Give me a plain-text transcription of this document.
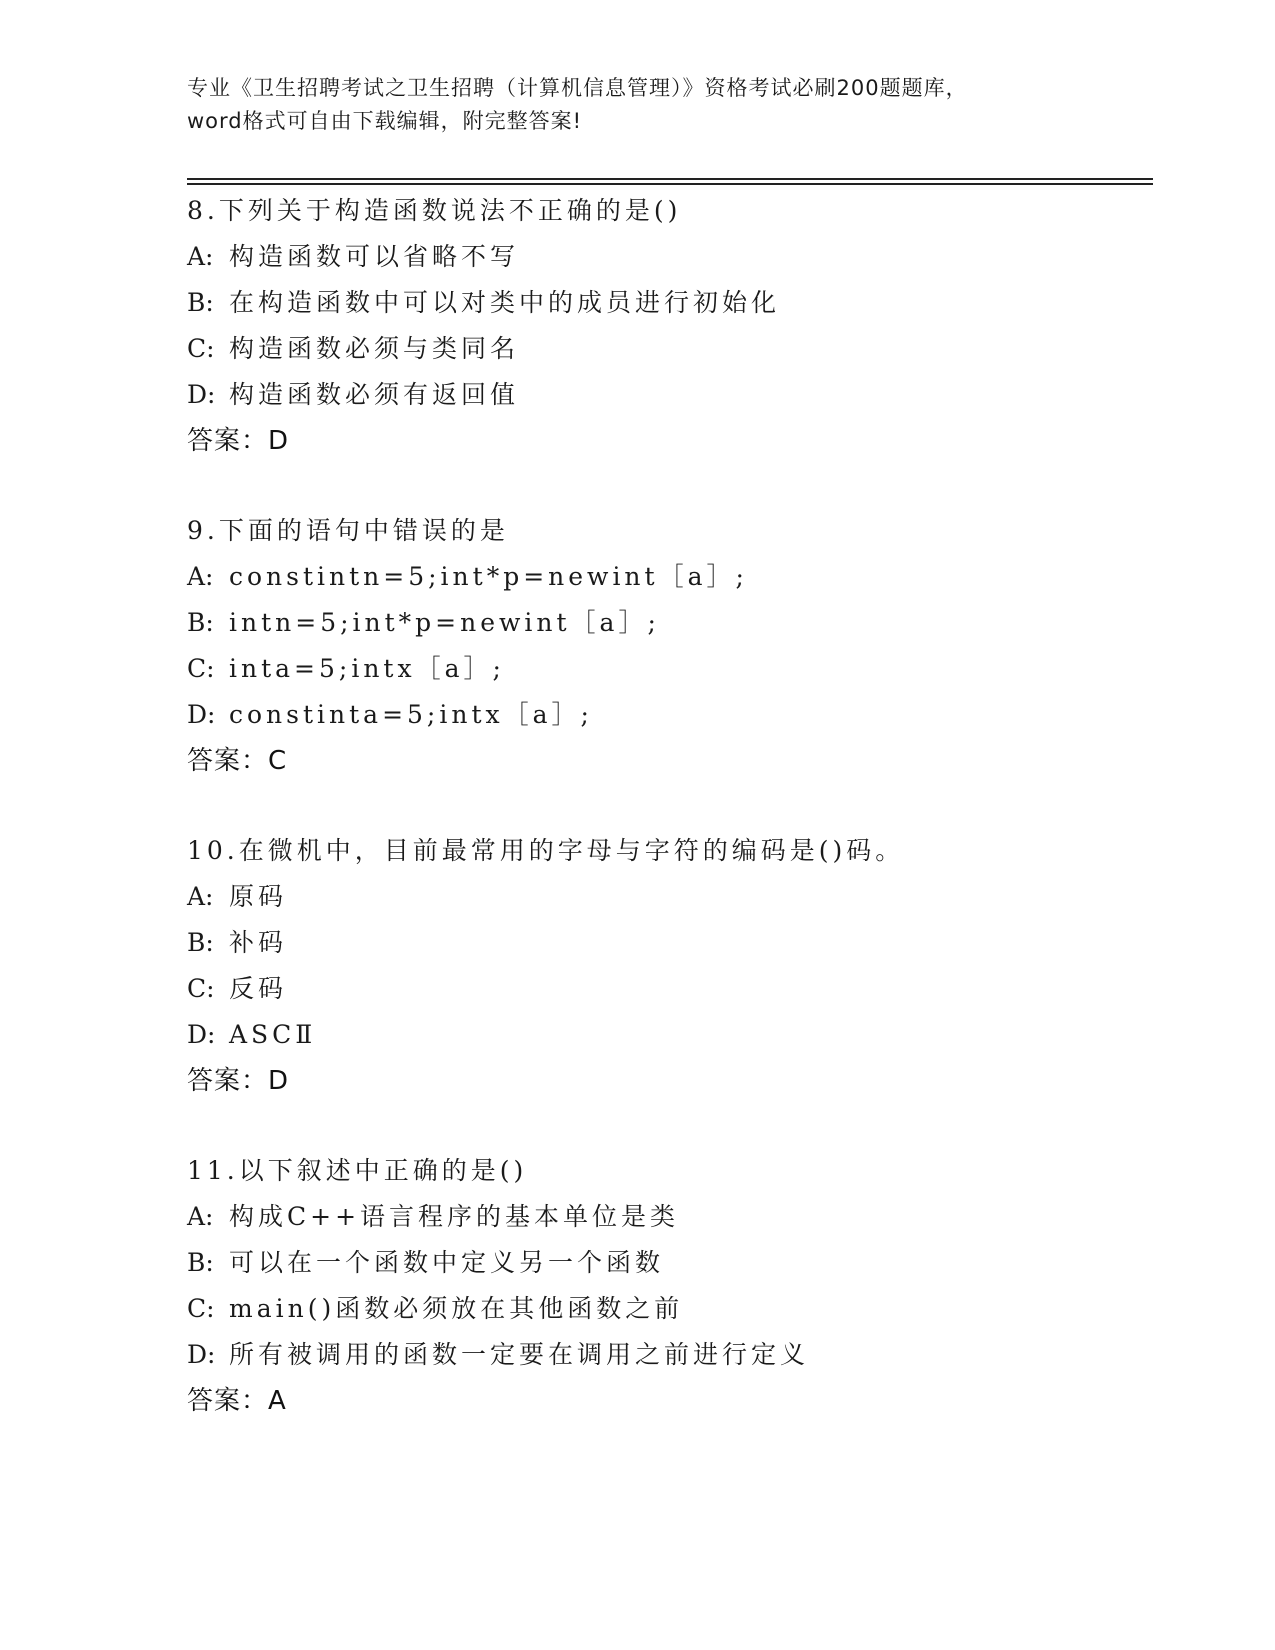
专业《卫生招聘考试之卫生招聘（计算机信息管理）》资格考试必刷200题题库，
word格式可自由下载编辑，附完整答案!
8.下列关于构造函数说法不正确的是()
A: 构造函数可以省略不写
B: 在构造函数中可以对类中的成员进行初始化
C: 构造函数必须与类同名
D: 构造函数必须有返回值
答案：D
9.下面的语句中错误的是
A: constintn=5;int*p=newint［a］;
B: intn=5;int*p=newint［a］;
C: inta=5;intx［a］;
D: constinta=5;intx［a］;
答案：C
10.在微机中，目前最常用的字母与字符的编码是()码。
A: 原码
B: 补码
C: 反码
D: ASCⅡ
答案：D
11.以下叙述中正确的是()
A: 构成C++语言程序的基本单位是类
B: 可以在一个函数中定义另一个函数
C: main()函数必须放在其他函数之前
D: 所有被调用的函数一定要在调用之前进行定义
答案：A
